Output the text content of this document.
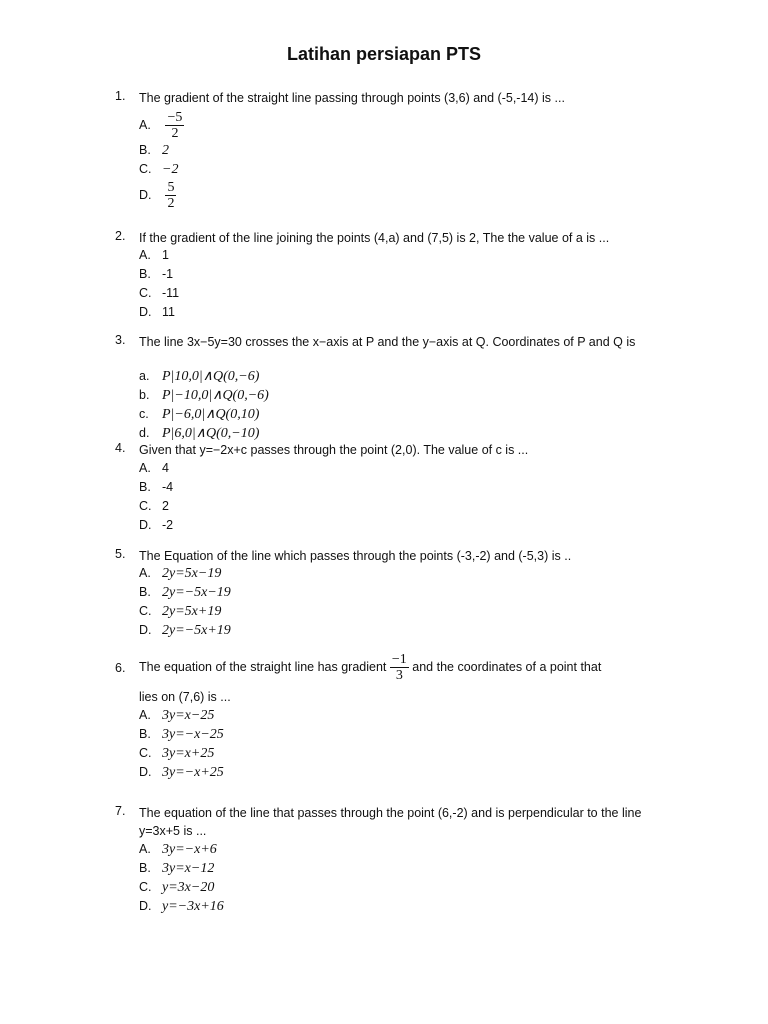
Latihan persiapan PTS
1.	The gradient of the straight line passing through points (3,6) and (-5,-14) is ...
A. $\frac{-5}{2}$
B. 2
C. −2
D. $\frac{5}{2}$
2.	If the gradient of the line joining the points (4,a) and (7,5) is 2, The the value of a is ...
A. 1
B. -1
C. -11
D. 11
3.	The line 3x−5y=30 crosses the x−axis at P and the y−axis at Q. Coordinates of P and Q is
a. P|10,0|∧Q(0,−6)
b. P|−10,0|∧Q(0,−6)
c. P|−6,0|∧Q(0,10)
d. P|6,0|∧Q(0,−10)
4.	Given that y=−2x+c passes through the point (2,0). The value of c is ...
A. 4
B. -4
C. 2
D. -2
5.	The Equation of the line which passes through the points (-3,-2) and (-5,3) is ..
A. 2y=5x−19
B. 2y=−5x−19
C. 2y=5x+19
D. 2y=−5x+19
6.	The equation of the straight line has gradient $\frac{-1}{3}$ and the coordinates of a point that
lies on (7,6) is ...
A. 3y=x−25
B. 3y=−x−25
C. 3y=x+25
D. 3y=−x+25
7.	The equation of the line that passes through the point (6,-2) and is perpendicular to the line y=3x+5 is ...
A. 3y=−x+6
B. 3y=x−12
C. y=3x−20
D. y=−3x+16
